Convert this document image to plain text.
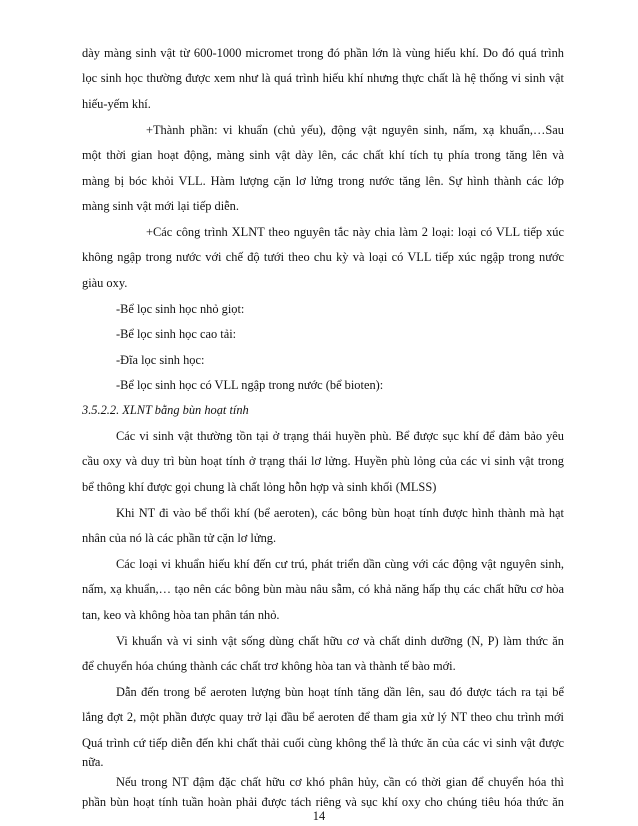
dày màng sinh vật từ 600-1000 micromet trong đó phần lớn là vùng hiếu khí. Do đó quá trình
lọc sinh học thường được xem như là quá trình hiếu khí nhưng thực chất là hệ thống vi sinh vật
hiếu-yếm khí.
+Thành phần: vi khuẩn (chủ yếu), động vật nguyên sinh, nấm, xạ khuẩn,…Sau
một thời gian hoạt động, màng sinh vật dày lên, các chất khí tích tụ phía trong tăng lên và
màng bị bóc khỏi VLL. Hàm lượng cặn lơ lửng trong nước tăng lên. Sự hình thành các lớp
màng sinh vật mới lại tiếp diễn.
+Các công trình XLNT theo nguyên tắc này chia làm 2 loại: loại có VLL tiếp xúc
không ngập trong nước với chế độ tưới theo chu kỳ và loại có VLL tiếp xúc ngập trong nước
giàu oxy.
-Bể lọc sinh học nhỏ giọt:
-Bể lọc sinh học cao tải:
-Đĩa lọc sinh học:
-Bể lọc sinh học có VLL ngập trong nước (bể bioten):
3.5.2.2. XLNT bằng bùn hoạt tính
Các vi sinh vật thường tồn tại ở trạng thái huyền phù. Bể được sục khí để đảm bảo yêu
cầu oxy và duy trì bùn hoạt tính ở trạng thái lơ lửng. Huyền phù lỏng của các vi sinh vật trong
bể thông khí được gọi chung là chất lỏng hỗn hợp và sinh khối (MLSS)
Khi NT đi vào bể thổi khí (bể aeroten), các bông bùn hoạt tính được hình thành mà hạt
nhân của nó là các phần tử cặn lơ lửng.
Các loại vi khuẩn hiếu khí đến cư trú, phát triển dần cùng với các động vật nguyên sinh,
nấm, xạ khuẩn,… tạo nên các bông bùn màu nâu sẫm, có khả năng hấp thụ các chất hữu cơ hòa
tan, keo và không hòa tan phân tán nhỏ.
Vi khuẩn và vi sinh vật sống dùng chất hữu cơ và chất dinh dưỡng (N, P) làm thức ăn
để chuyển hóa chúng thành các chất trơ không hòa tan và thành tế bào mới.
Dẫn đến trong bể aeroten lượng bùn hoạt tính tăng dần lên, sau đó được tách ra tại bể
lắng đợt 2, một phần được quay trở lại đầu bể aeroten để tham gia xử lý NT theo chu trình mới
Quá trình cứ tiếp diễn đến khi chất thải cuối cùng không thể là thức ăn của các vi sinh vật được
14
nữa.
Nếu trong NT đậm đặc chất hữu cơ khó phân hủy, cần có thời gian để chuyển hóa thì
phần bùn hoạt tính tuần hoàn phải được tách riêng và sục khí oxy cho chúng tiêu hóa thức ăn
